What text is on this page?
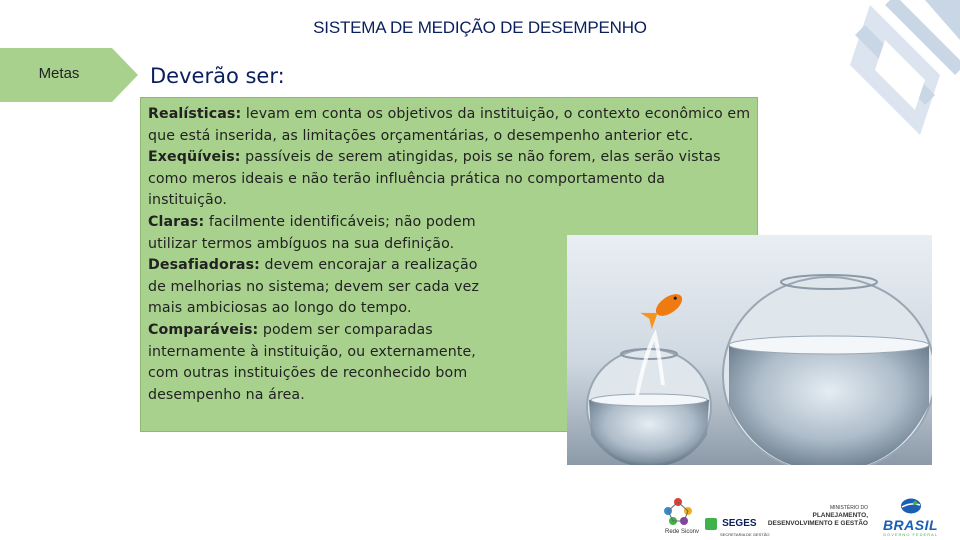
SISTEMA DE MEDIÇÃO DE DESEMPENHO
Metas	Deverão ser:
Realísticas: levam em conta os objetivos da instituição, o contexto econômico em
que está inserida, as limitações orçamentárias, o desempenho anterior etc.
Exeqüíveis: passíveis de serem atingidas, pois se não forem, elas serão vistas
como meros ideais e não terão influência prática no comportamento da
instituição.
Claras: facilmente identificáveis; não podem
utilizar termos ambíguos na sua definição.
Desafiadoras: devem encorajar a realização
de melhorias no sistema; devem ser cada vez
mais ambiciosas ao longo do tempo.
Comparáveis: podem ser comparadas
internamente à instituição, ou externamente,
com outras instituições de reconhecido bom
desempenho na área.
Rede Siconv
SEGES
SECRETARIA DE GESTÃO
MINISTÉRIO DO
PLANEJAMENTO,
DESENVOLVIMENTO E GESTÃO	BRASIL
GOVERNO FEDERAL
